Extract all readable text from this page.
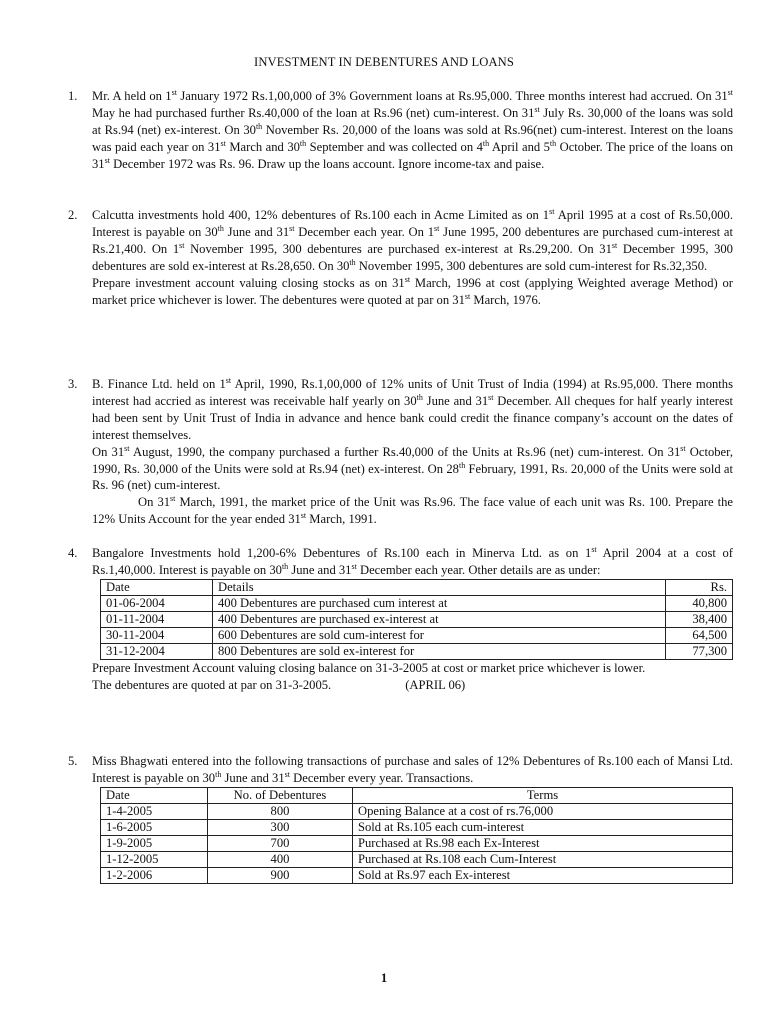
INVESTMENT IN DEBENTURES AND LOANS
1. Mr. A held on 1st January 1972 Rs.1,00,000 of 3% Government loans at Rs.95,000. Three months interest had accrued. On 31st May he had purchased further Rs.40,000 of the loan at Rs.96 (net) cum-interest. On 31st July Rs. 30,000 of the loans was sold at Rs.94 (net) ex-interest. On 30th November Rs. 20,000 of the loans was sold at Rs.96(net) cum-interest. Interest on the loans was paid each year on 31st March and 30th September and was collected on 4th April and 5th October. The price of the loans on 31st December 1972 was Rs. 96. Draw up the loans account. Ignore income-tax and paise.

2. Calcutta investments hold 400, 12% debentures of Rs.100 each in Acme Limited as on 1st April 1995 at a cost of Rs.50,000. Interest is payable on 30th June and 31st December each year. On 1st June 1995, 200 debentures are purchased cum-interest at Rs.21,400. On 1st November 1995, 300 debentures are purchased ex-interest at Rs.29,200. On 31st December 1995, 300 debentures are sold ex-interest at Rs.28,650. On 30th November 1995, 300 debentures are sold cum-interest for Rs.32,350.

Prepare investment account valuing closing stocks as on 31st March, 1996 at cost (applying Weighted average Method) or market price whichever is lower. The debentures were quoted at par on 31st March, 1976.

3. B. Finance Ltd. held on 1st April, 1990, Rs.1,00,000 of 12% units of Unit Trust of India (1994) at Rs.95,000. There months interest had accried as interest was receivable half yearly on 30th June and 31st December. All cheques for half yearly interest had been sent by Unit Trust of India in advance and hence bank could credit the finance company’s account on the dates of interest themselves.

On 31st August, 1990, the company purchased a further Rs.40,000 of the Units at Rs.96 (net) cum-interest. On 31st October, 1990, Rs. 30,000 of the Units were sold at Rs.94 (net) ex-interest. On 28th February, 1991, Rs. 20,000 of the Units were sold at Rs. 96 (net) cum-interest.

On 31st March, 1991, the market price of the Unit was Rs.96. The face value of each unit was Rs. 100. Prepare the 12% Units Account for the year ended 31st March, 1991.

4. Bangalore Investments hold 1,200-6% Debentures of Rs.100 each in Minerva Ltd. as on 1st April 2004 at a cost of Rs.1,40,000. Interest is payable on 30th June and 31st December each year. Other details are as under:

Date	Details	Rs.
01-06-2004	400 Debentures are purchased cum interest at	40,800
01-11-2004	400 Debentures are purchased ex-interest at	38,400
30-11-2004	600 Debentures are sold cum-interest for	64,500
31-12-2004	800 Debentures are sold ex-interest for	77,300

Prepare Investment Account valuing closing balance on 31-3-2005 at cost or market price whichever is lower.

The debentures are quoted at par on 31-3-2005.	(APRIL 06)

5. Miss Bhagwati entered into the following transactions of purchase and sales of 12% Debentures of Rs.100 each of Mansi Ltd. Interest is payable on 30th June and 31st December every year. Transactions.

Date	No. of Debentures	Terms
1-4-2005	800	Opening Balance at a cost of rs.76,000
1-6-2005	300	Sold at Rs.105 each cum-interest
1-9-2005	700	Purchased at Rs.98 each Ex-Interest
1-12-2005	400	Purchased at Rs.108 each Cum-Interest
1-2-2006	900	Sold at Rs.97 each Ex-interest
1
